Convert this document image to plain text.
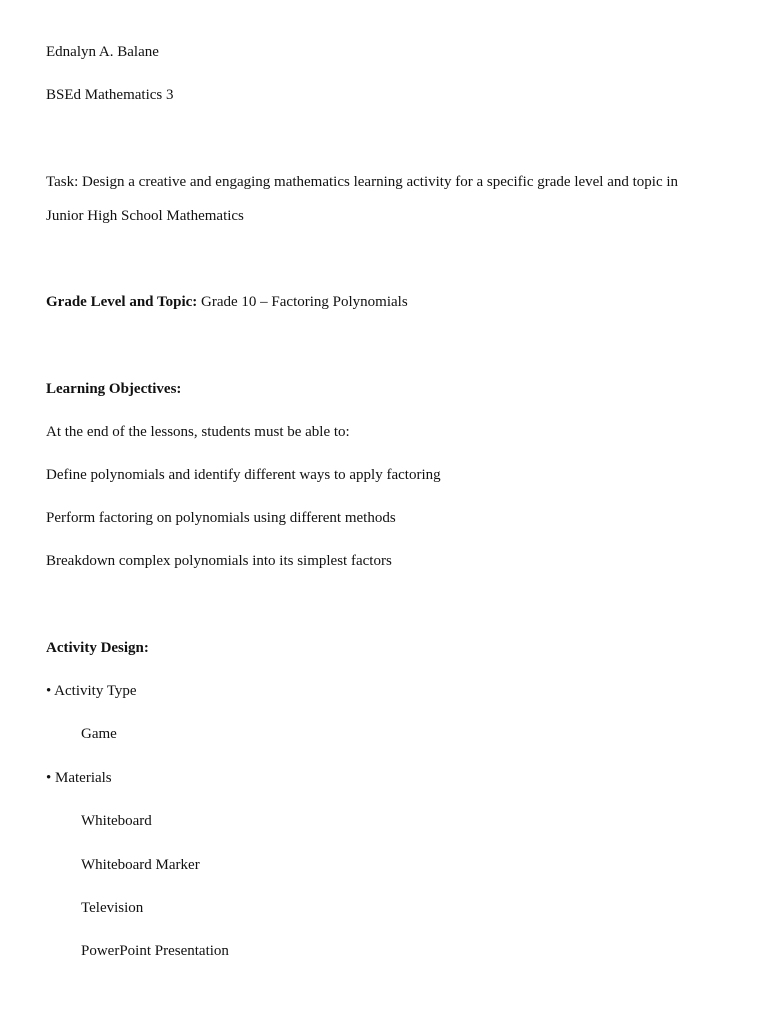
Ednalyn A. Balane
BSEd Mathematics 3
Task: Design a creative and engaging mathematics learning activity for a specific grade level and topic in
Junior High School Mathematics
Grade Level and Topic: Grade 10 – Factoring Polynomials
Learning Objectives:
At the end of the lessons, students must be able to:
Define polynomials and identify different ways to apply factoring
Perform factoring on polynomials using different methods
Breakdown complex polynomials into its simplest factors
Activity Design:
• Activity Type
Game
• Materials
Whiteboard
Whiteboard Marker
Television
PowerPoint Presentation
